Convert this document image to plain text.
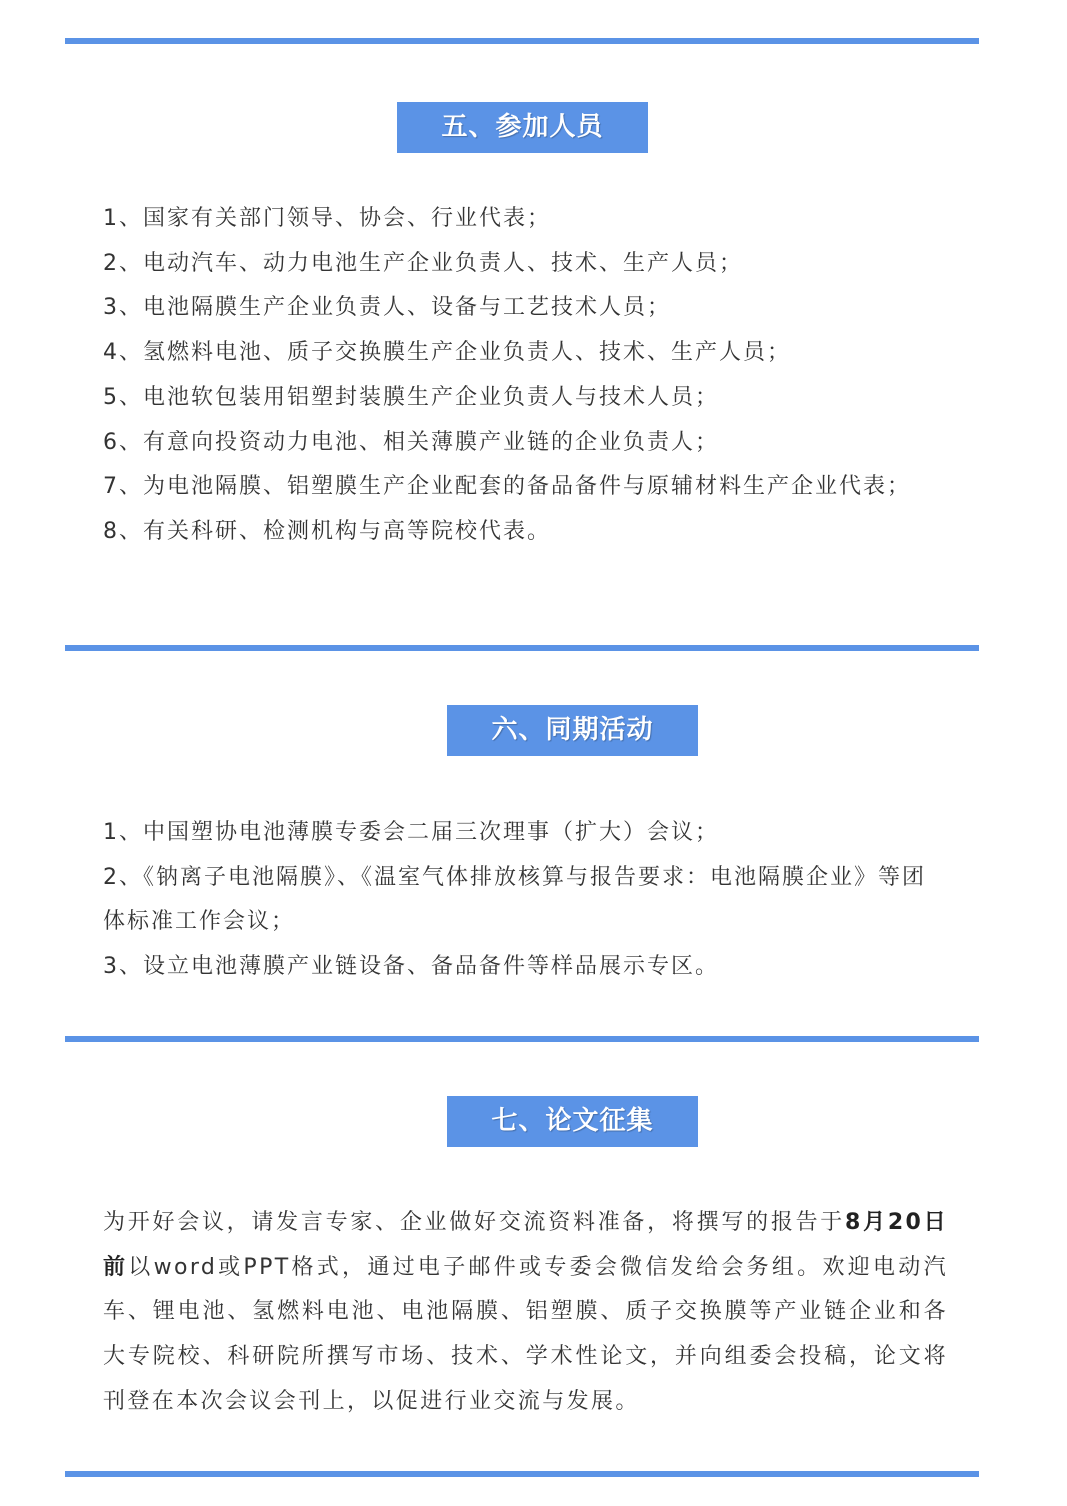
五、参加人员
1、国家有关部门领导、协会、行业代表；
2、电动汽车、动力电池生产企业负责人、技术、生产人员；
3、电池隔膜生产企业负责人、设备与工艺技术人员；
4、氢燃料电池、质子交换膜生产企业负责人、技术、生产人员；
5、电池软包装用铝塑封装膜生产企业负责人与技术人员；
6、有意向投资动力电池、相关薄膜产业链的企业负责人；
7、为电池隔膜、铝塑膜生产企业配套的备品备件与原辅材料生产企业代表；
8、有关科研、检测机构与高等院校代表。
六、同期活动
1、中国塑协电池薄膜专委会二届三次理事（扩大）会议；
2、《钠离子电池隔膜》、《温室气体排放核算与报告要求：电池隔膜企业》等团体标准工作会议；
3、设立电池薄膜产业链设备、备品备件等样品展示专区。
七、论文征集

为开好会议，请发言专家、企业做好交流资料准备，将撰写的报告于8月20日前以word或PPT格式，通过电子邮件或专委会微信发给会务组。欢迎电动汽车、锂电池、氢燃料电池、电池隔膜、铝塑膜、质子交换膜等产业链企业和各大专院校、科研院所撰写市场、技术、学术性论文，并向组委会投稿，论文将刊登在本次会议会刊上，以促进行业交流与发展。
